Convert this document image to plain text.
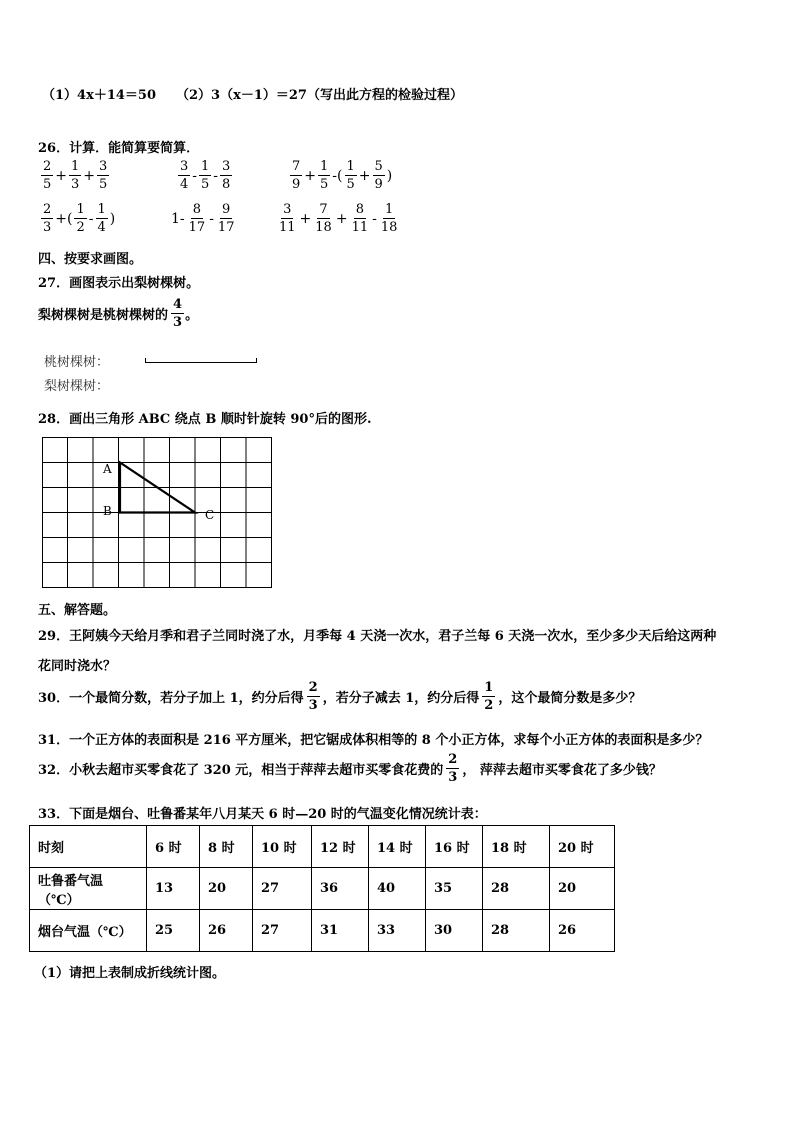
（1）4x＋14＝50 （2）3（x－1）＝27（写出此方程的检验过程）
26．计算．能简算要简算．
$\frac{2}{5} + \frac{1}{3} + \frac{3}{5}$	$\frac{3}{4} - \frac{1}{5} - \frac{3}{8}$	$\frac{7}{9} + \frac{1}{5}$ -( $\frac{1}{5} + \frac{5}{9}$ )
$\frac{2}{3}$ +( $\frac{1}{2} - \frac{1}{4}$ )	$1- \frac{8}{17} - \frac{9}{17}$	$\frac{3}{11} + \frac{7}{18} + \frac{8}{11} - \frac{1}{18}$
四、按要求画图。
27．画图表示出梨树棵树。
梨树棵树是桃树棵树的 $\frac{4}{3}$ 。
桃树棵树：
梨树棵树：
28．画出三角形 ABC 绕点 B 顺时针旋转 90°后的图形.
A
B	C
五、解答题。
29．王阿姨今天给月季和君子兰同时浇了水，月季每 4 天浇一次水，君子兰每 6 天浇一次水，至少多少天后给这两种
花同时浇水？
30．一个最简分数，若分子加上 1，约分后得 $\frac{2}{3}$ ，若分子减去 1，约分后得 $\frac{1}{2}$ ，这个最简分数是多少？
31．一个正方体的表面积是 216 平方厘米，把它锯成体积相等的 8 个小正方体，求每个小正方体的表面积是多少？
32．小秋去超市买零食花了 320 元，相当于萍萍去超市买零食花费的 $\frac{2}{3}$ ， 萍萍去超市买零食花了多少钱？
33．下面是烟台、吐鲁番某年八月某天 6 时—20 时的气温变化情况统计表：
时刻	6 时	8 时	10 时	12 时	14 时	16 时	18 时	20 时
吐鲁番气温（℃）	13	20	27	36	40	35	28	20
烟台气温（℃）	25	26	27	31	33	30	28	26
（1）请把上表制成折线统计图。
